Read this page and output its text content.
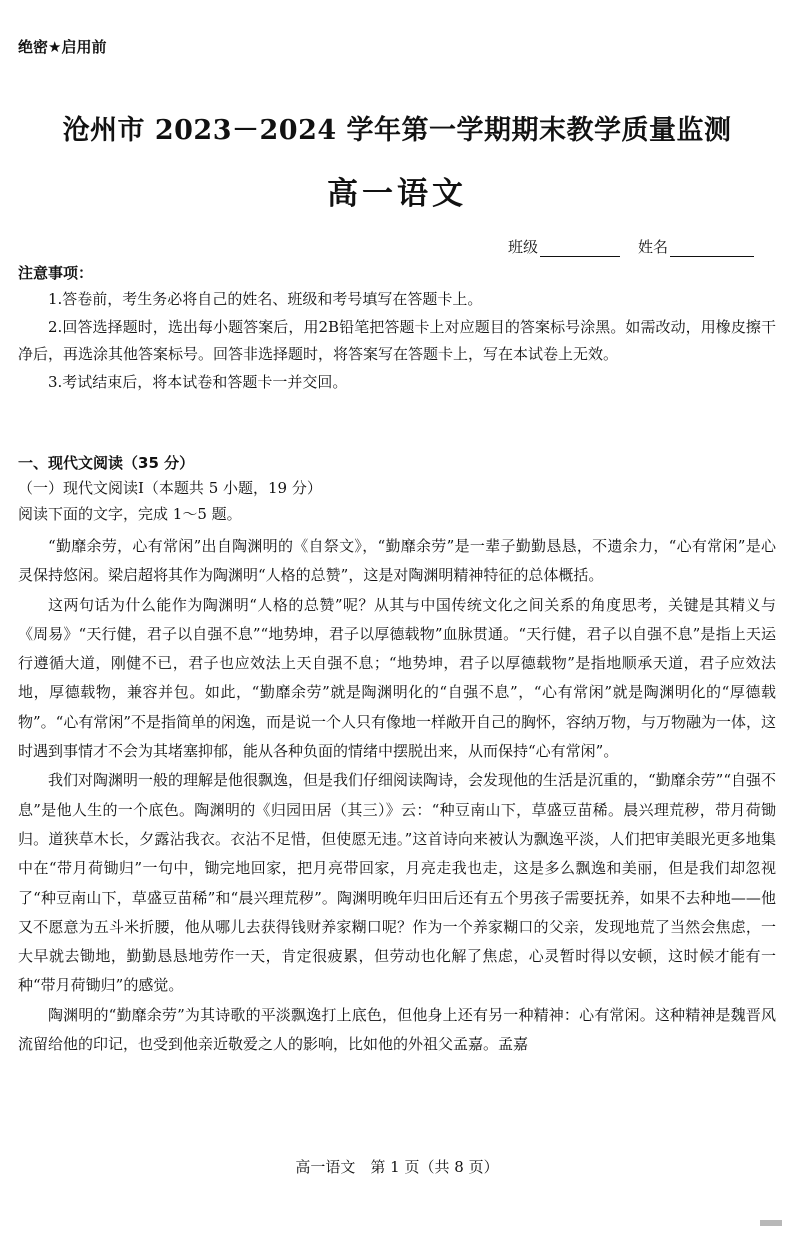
绝密★启用前
沧州市 2023－2024 学年第一学期期末教学质量监测
高一语文
班级	姓名
注意事项：

1.答卷前，考生务必将自己的姓名、班级和考号填写在答题卡上。

2.回答选择题时，选出每小题答案后，用2B铅笔把答题卡上对应题目的答案标号涂黑。如需改动，用橡皮擦干净后，再选涂其他答案标号。回答非选择题时，将答案写在答题卡上，写在本试卷上无效。

3.考试结束后，将本试卷和答题卡一并交回。

一、现代文阅读（35 分）
（一）现代文阅读Ⅰ（本题共 5 小题，19 分）
阅读下面的文字，完成 1～5 题。

“勤靡余劳，心有常闲”出自陶渊明的《自祭文》，“勤靡余劳”是一辈子勤勤恳恳，不遗余力，“心有常闲”是心灵保持悠闲。梁启超将其作为陶渊明“人格的总赞”，这是对陶渊明精神特征的总体概括。

这两句话为什么能作为陶渊明“人格的总赞”呢？从其与中国传统文化之间关系的角度思考，关键是其精义与《周易》“天行健，君子以自强不息”“地势坤，君子以厚德载物”血脉贯通。“天行健，君子以自强不息”是指上天运行遵循大道，刚健不已，君子也应效法上天自强不息；“地势坤，君子以厚德载物”是指地顺承天道，君子应效法地，厚德载物，兼容并包。如此，“勤靡余劳”就是陶渊明化的“自强不息”，“心有常闲”就是陶渊明化的“厚德载物”。“心有常闲”不是指简单的闲逸，而是说一个人只有像地一样敞开自己的胸怀，容纳万物，与万物融为一体，这时遇到事情才不会为其堵塞抑郁，能从各种负面的情绪中摆脱出来，从而保持“心有常闲”。

我们对陶渊明一般的理解是他很飘逸，但是我们仔细阅读陶诗，会发现他的生活是沉重的，“勤靡余劳”“自强不息”是他人生的一个底色。陶渊明的《归园田居（其三）》云：“种豆南山下，草盛豆苗稀。晨兴理荒秽，带月荷锄归。道狭草木长，夕露沾我衣。衣沾不足惜，但使愿无违。”这首诗向来被认为飘逸平淡，人们把审美眼光更多地集中在“带月荷锄归”一句中，锄完地回家，把月亮带回家，月亮走我也走，这是多么飘逸和美丽，但是我们却忽视了“种豆南山下，草盛豆苗稀”和“晨兴理荒秽”。陶渊明晚年归田后还有五个男孩子需要抚养，如果不去种地——他又不愿意为五斗米折腰，他从哪儿去获得钱财养家糊口呢？作为一个养家糊口的父亲，发现地荒了当然会焦虑，一大早就去锄地，勤勤恳恳地劳作一天，肯定很疲累，但劳动也化解了焦虑，心灵暂时得以安顿，这时候才能有一种“带月荷锄归”的感觉。

陶渊明的“勤靡余劳”为其诗歌的平淡飘逸打上底色，但他身上还有另一种精神：心有常闲。这种精神是魏晋风流留给他的印记，也受到他亲近敬爱之人的影响，比如他的外祖父孟嘉。孟嘉

高一语文　第 1 页（共 8 页）
